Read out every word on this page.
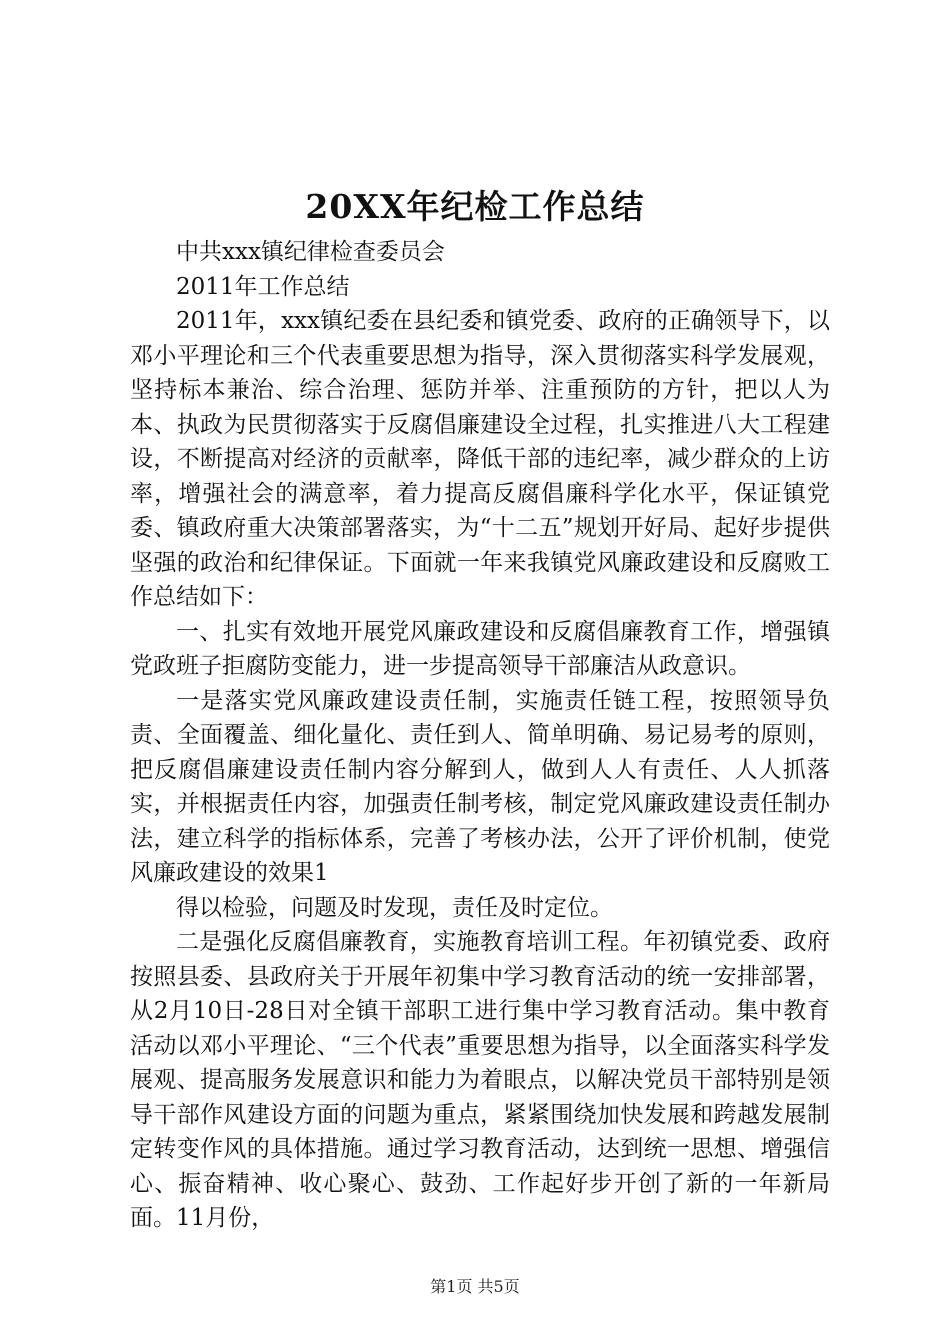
20XX年纪检工作总结

中共xxx镇纪律检查委员会

2011年工作总结

2011年，xxx镇纪委在县纪委和镇党委、政府的正确领导下，以邓小平理论和三个代表重要思想为指导，深入贯彻落实科学发展观，坚持标本兼治、综合治理、惩防并举、注重预防的方针，把以人为本、执政为民贯彻落实于反腐倡廉建设全过程，扎实推进八大工程建设，不断提高对经济的贡献率，降低干部的违纪率，减少群众的上访率，增强社会的满意率，着力提高反腐倡廉科学化水平，保证镇党委、镇政府重大决策部署落实，为“十二五”规划开好局、起好步提供坚强的政治和纪律保证。下面就一年来我镇党风廉政建设和反腐败工作总结如下：

一、扎实有效地开展党风廉政建设和反腐倡廉教育工作，增强镇党政班子拒腐防变能力，进一步提高领导干部廉洁从政意识。

一是落实党风廉政建设责任制，实施责任链工程，按照领导负责、全面覆盖、细化量化、责任到人、简单明确、易记易考的原则，把反腐倡廉建设责任制内容分解到人，做到人人有责任、人人抓落实，并根据责任内容，加强责任制考核，制定党风廉政建设责任制办法，建立科学的指标体系，完善了考核办法，公开了评价机制，使党风廉政建设的效果1

得以检验，问题及时发现，责任及时定位。

二是强化反腐倡廉教育，实施教育培训工程。年初镇党委、政府按照县委、县政府关于开展年初集中学习教育活动的统一安排部署，从2月10日-28日对全镇干部职工进行集中学习教育活动。集中教育活动以邓小平理论、“三个代表”重要思想为指导，以全面落实科学发展观、提高服务发展意识和能力为着眼点，以解决党员干部特别是领导干部作风建设方面的问题为重点，紧紧围绕加快发展和跨越发展制定转变作风的具体措施。通过学习教育活动，达到统一思想、增强信心、振奋精神、收心聚心、鼓劲、工作起好步开创了新的一年新局面。11月份，

第1页 共5页
